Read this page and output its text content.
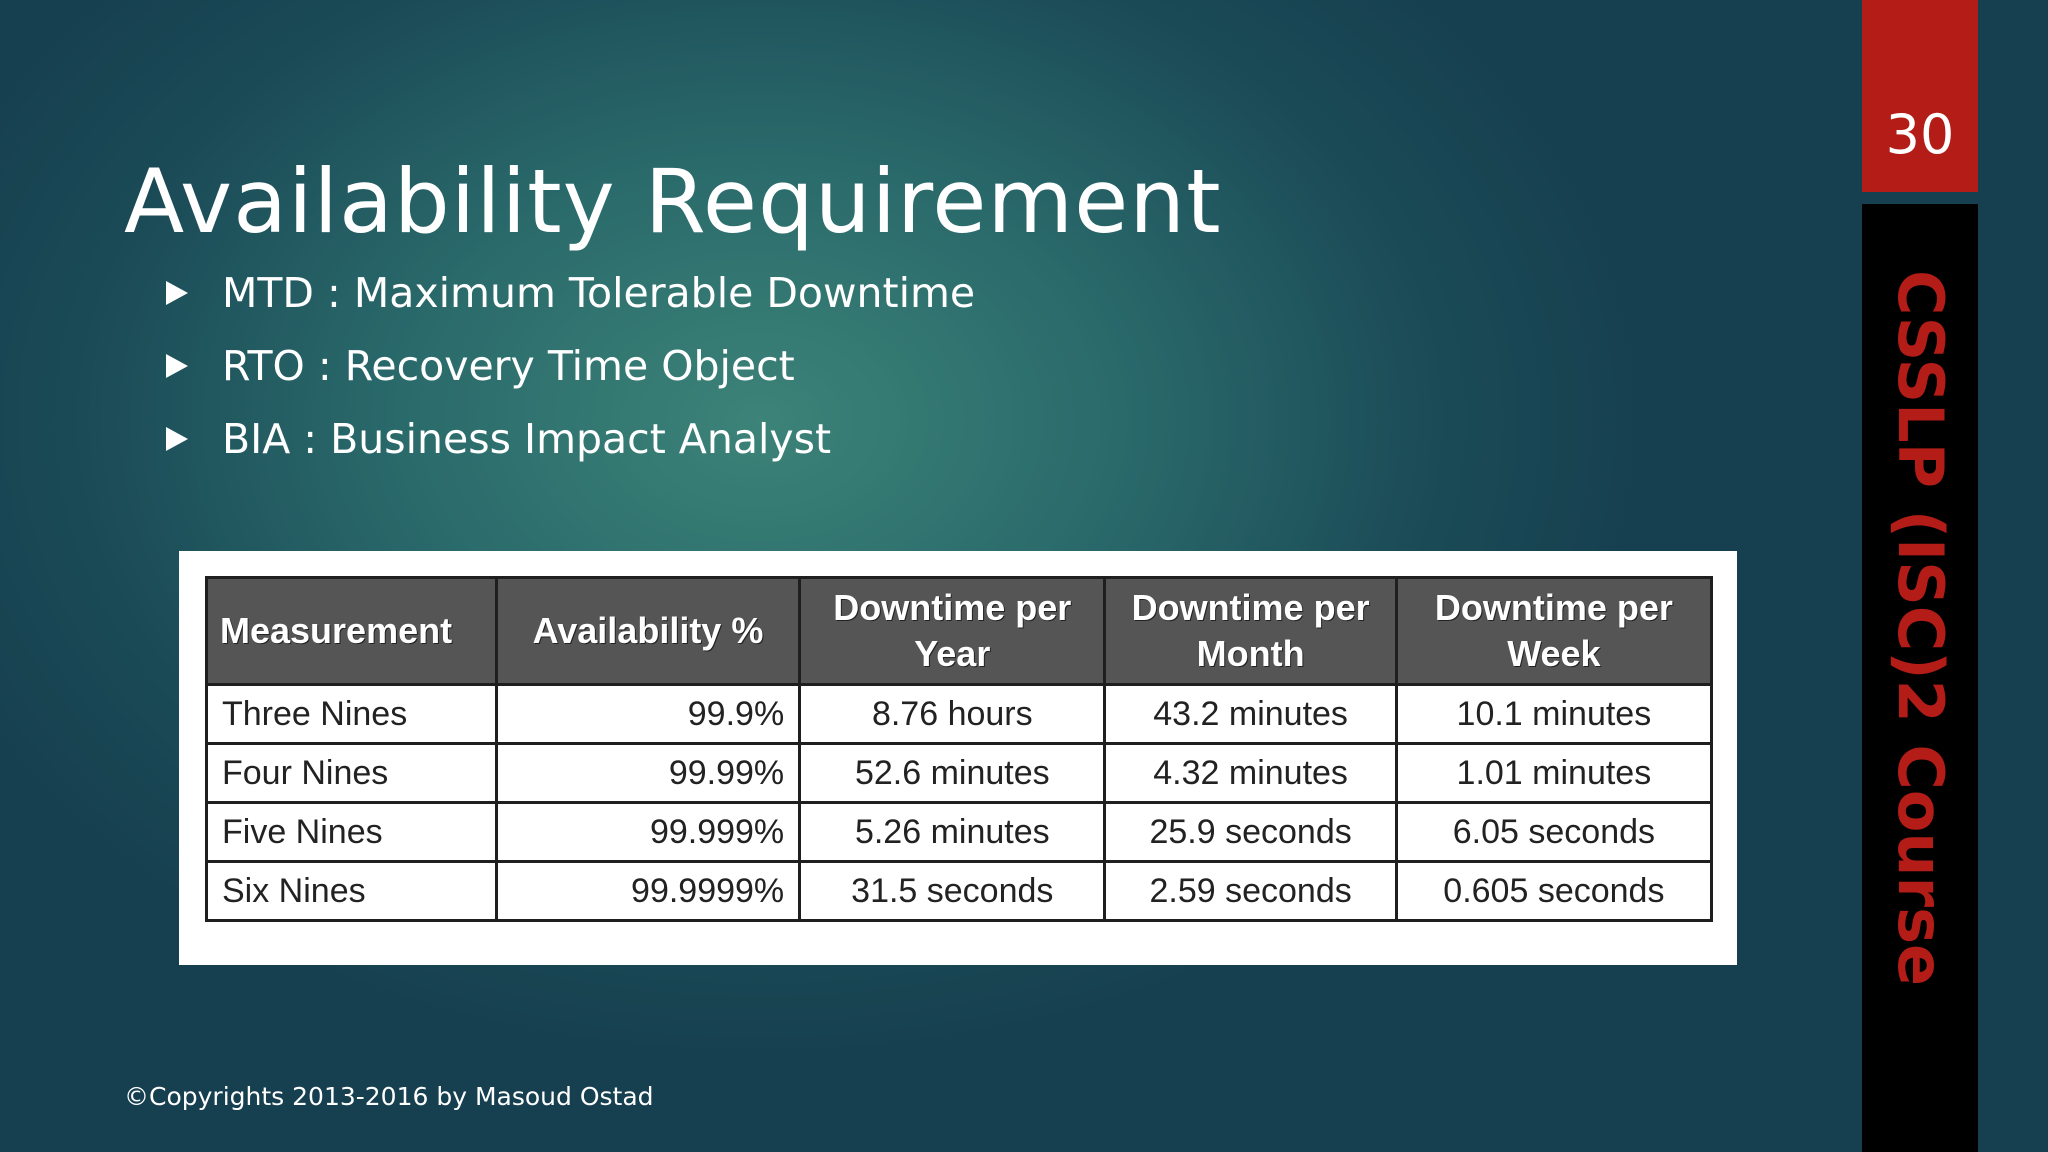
Availability Requirement
MTD : Maximum Tolerable Downtime
RTO : Recovery Time Object
BIA : Business Impact Analyst
Measurement	Availability %	Downtime per Year	Downtime per Month	Downtime per Week
Three Nines	99.9%	8.76 hours	43.2 minutes	10.1 minutes
Four Nines	99.99%	52.6 minutes	4.32 minutes	1.01 minutes
Five Nines	99.999%	5.26 minutes	25.9 seconds	6.05 seconds
Six Nines	99.9999%	31.5 seconds	2.59 seconds	0.605 seconds
©Copyrights 2013-2016 by Masoud Ostad
30
CSSLP (ISC)2 Course
